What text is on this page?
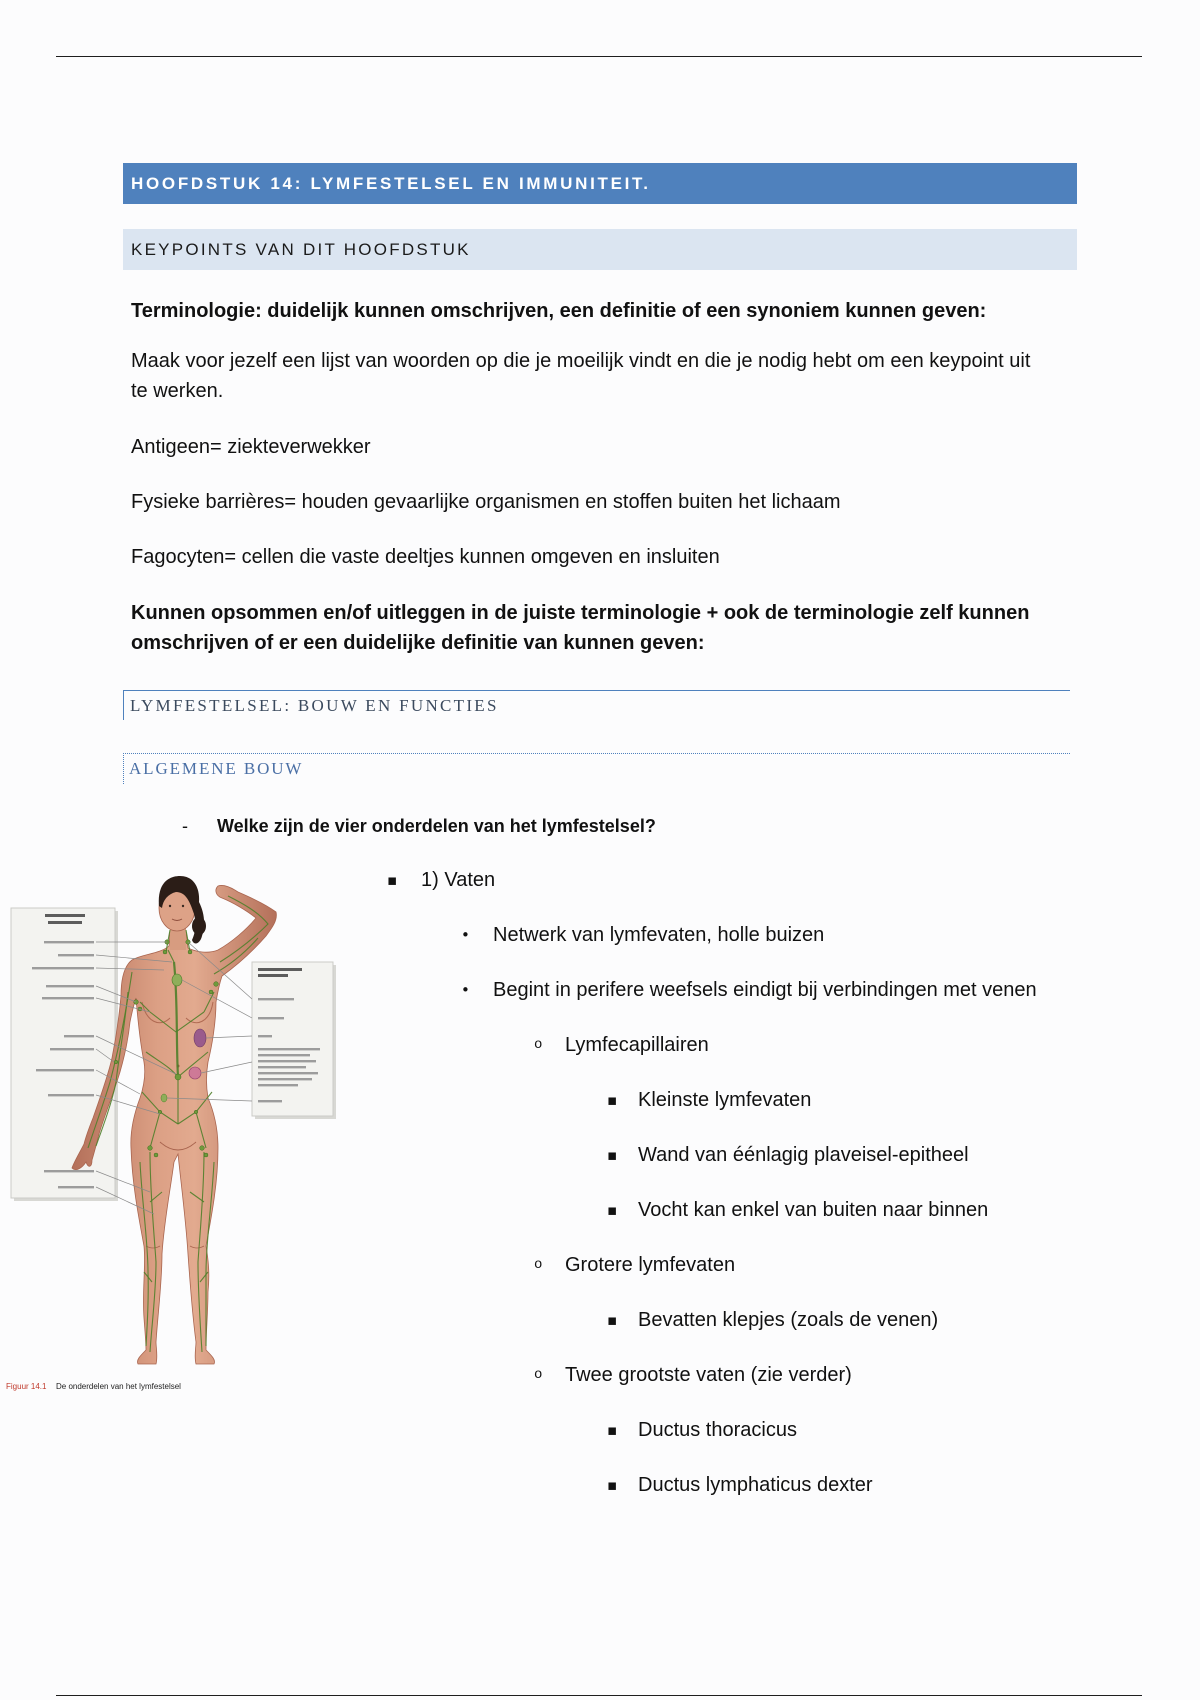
HOOFDSTUK 14: LYMFESTELSEL EN IMMUNITEIT.
KEYPOINTS VAN DIT HOOFDSTUK
Terminologie: duidelijk kunnen omschrijven, een definitie of een synoniem kunnen geven:
Maak voor jezelf een lijst van woorden op die je moeilijk vindt en die je nodig hebt om een keypoint uit te werken.
Antigeen= ziekteverwekker
Fysieke barrières= houden gevaarlijke organismen en stoffen buiten het lichaam
Fagocyten= cellen die vaste deeltjes kunnen omgeven en insluiten
Kunnen opsommen en/of uitleggen in de juiste terminologie + ook de terminologie zelf kunnen omschrijven of er een duidelijke definitie van kunnen geven:
LYMFESTELSEL: BOUW EN FUNCTIES
ALGEMENE BOUW
- Welke zijn de vier onderdelen van het lymfestelsel?
▪ 1) Vaten
• Netwerk van lymfevaten, holle buizen
• Begint in perifere weefsels eindigt bij verbindingen met venen
o Lymfecapillairen
▪ Kleinste lymfevaten
▪ Wand van éénlagig plaveisel-epitheel
▪ Vocht kan enkel van buiten naar binnen
o Grotere lymfevaten
▪ Bevatten klepjes (zoals de venen)
o Twee grootste vaten (zie verder)
▪ Ductus thoracicus
▪ Ductus lymphaticus dexter
Figuur 14.1 De onderdelen van het lymfestelsel
